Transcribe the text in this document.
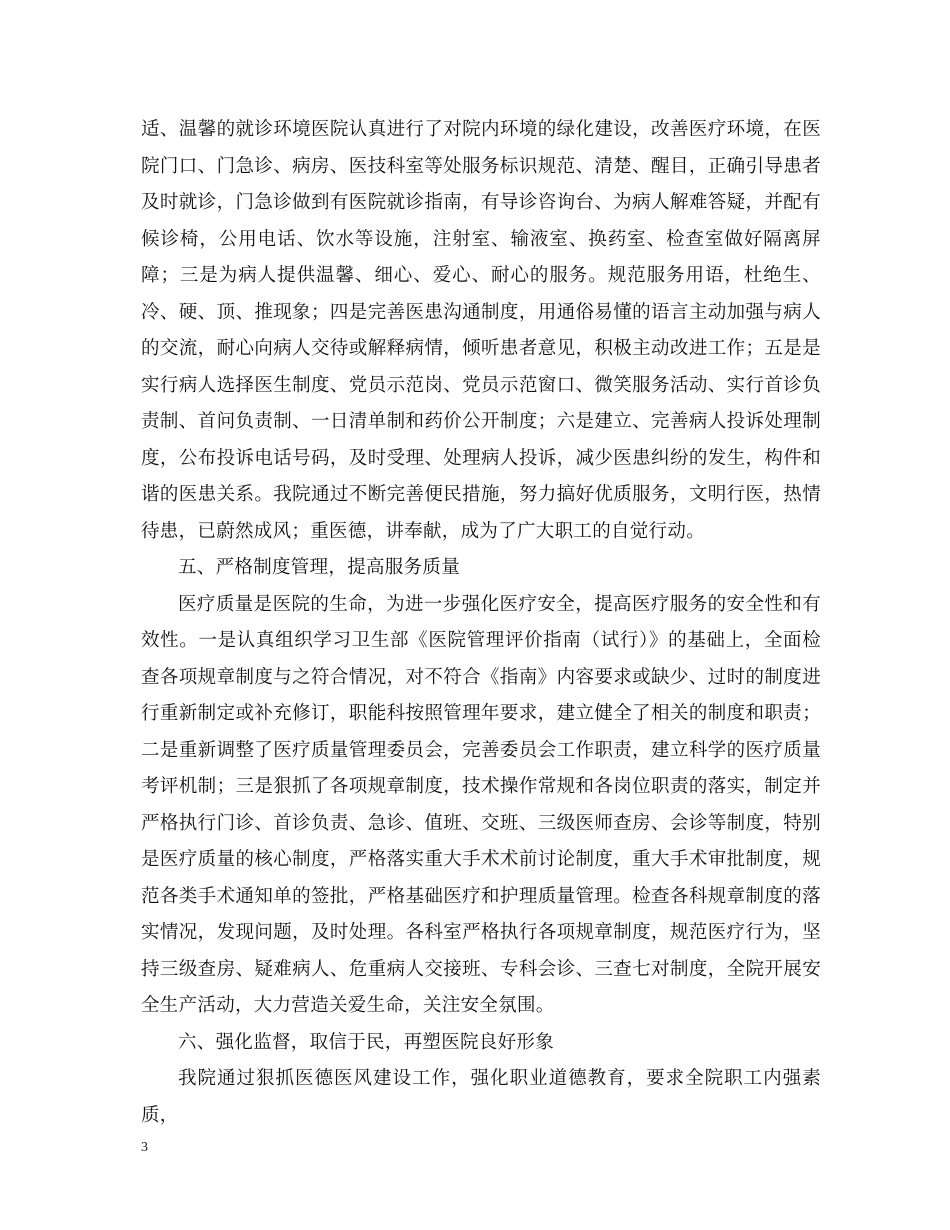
适、温馨的就诊环境医院认真进行了对院内环境的绿化建设，改善医疗环境，在医院门口、门急诊、病房、医技科室等处服务标识规范、清楚、醒目，正确引导患者及时就诊，门急诊做到有医院就诊指南，有导诊咨询台、为病人解难答疑，并配有候诊椅，公用电话、饮水等设施，注射室、输液室、换药室、检查室做好隔离屏障；三是为病人提供温馨、细心、爱心、耐心的服务。规范服务用语，杜绝生、冷、硬、顶、推现象；四是完善医患沟通制度，用通俗易懂的语言主动加强与病人的交流，耐心向病人交待或解释病情，倾听患者意见，积极主动改进工作；五是是实行病人选择医生制度、党员示范岗、党员示范窗口、微笑服务活动、实行首诊负责制、首问负责制、一日清单制和药价公开制度；六是建立、完善病人投诉处理制度，公布投诉电话号码，及时受理、处理病人投诉，减少医患纠纷的发生，构件和谐的医患关系。我院通过不断完善便民措施，努力搞好优质服务，文明行医，热情待患，已蔚然成风；重医德，讲奉献，成为了广大职工的自觉行动。

五、严格制度管理，提高服务质量

医疗质量是医院的生命，为进一步强化医疗安全，提高医疗服务的安全性和有效性。一是认真组织学习卫生部《医院管理评价指南（试行）》的基础上，全面检查各项规章制度与之符合情况，对不符合《指南》内容要求或缺少、过时的制度进行重新制定或补充修订，职能科按照管理年要求，建立健全了相关的制度和职责；二是重新调整了医疗质量管理委员会，完善委员会工作职责，建立科学的医疗质量考评机制；三是狠抓了各项规章制度，技术操作常规和各岗位职责的落实，制定并严格执行门诊、首诊负责、急诊、值班、交班、三级医师查房、会诊等制度，特别是医疗质量的核心制度，严格落实重大手术术前讨论制度，重大手术审批制度，规范各类手术通知单的签批，严格基础医疗和护理质量管理。检查各科规章制度的落实情况，发现问题，及时处理。各科室严格执行各项规章制度，规范医疗行为，坚持三级查房、疑难病人、危重病人交接班、专科会诊、三查七对制度，全院开展安全生产活动，大力营造关爱生命，关注安全氛围。

六、强化监督，取信于民，再塑医院良好形象

我院通过狠抓医德医风建设工作，强化职业道德教育，要求全院职工内强素质，

3
